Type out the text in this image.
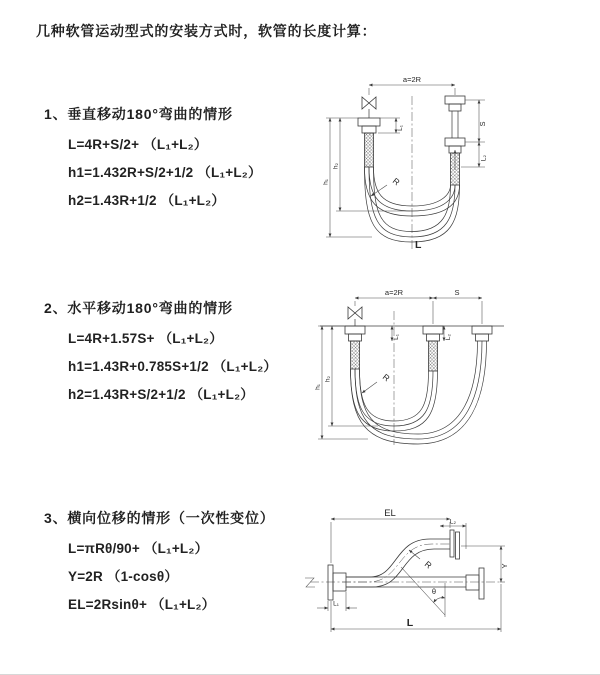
几种软管运动型式的安装方式时，软管的长度计算：
1、垂直移动180°弯曲的情形
L=4R+S/2+ （L₁+L₂）
h1=1.432R+S/2+1/2 （L₁+L₂）
h2=1.43R+1/2 （L₁+L₂）
2、水平移动180°弯曲的情形
L=4R+1.57S+ （L₁+L₂）
h1=1.43R+0.785S+1/2 （L₁+L₂）
h2=1.43R+S/2+1/2 （L₁+L₂）
3、横向位移的情形（一次性变位）
L=πRθ/90+ （L₁+L₂）
Y=2R （1-cosθ）
EL=2Rsinθ+ （L₁+L₂）
a=2R
h₁
h₂
L₁
S
L₂
R
L
a=2R	S
h₁
h₂
L₁	L₂
R
EL
L₂
θ
R	Y
L
L₁
